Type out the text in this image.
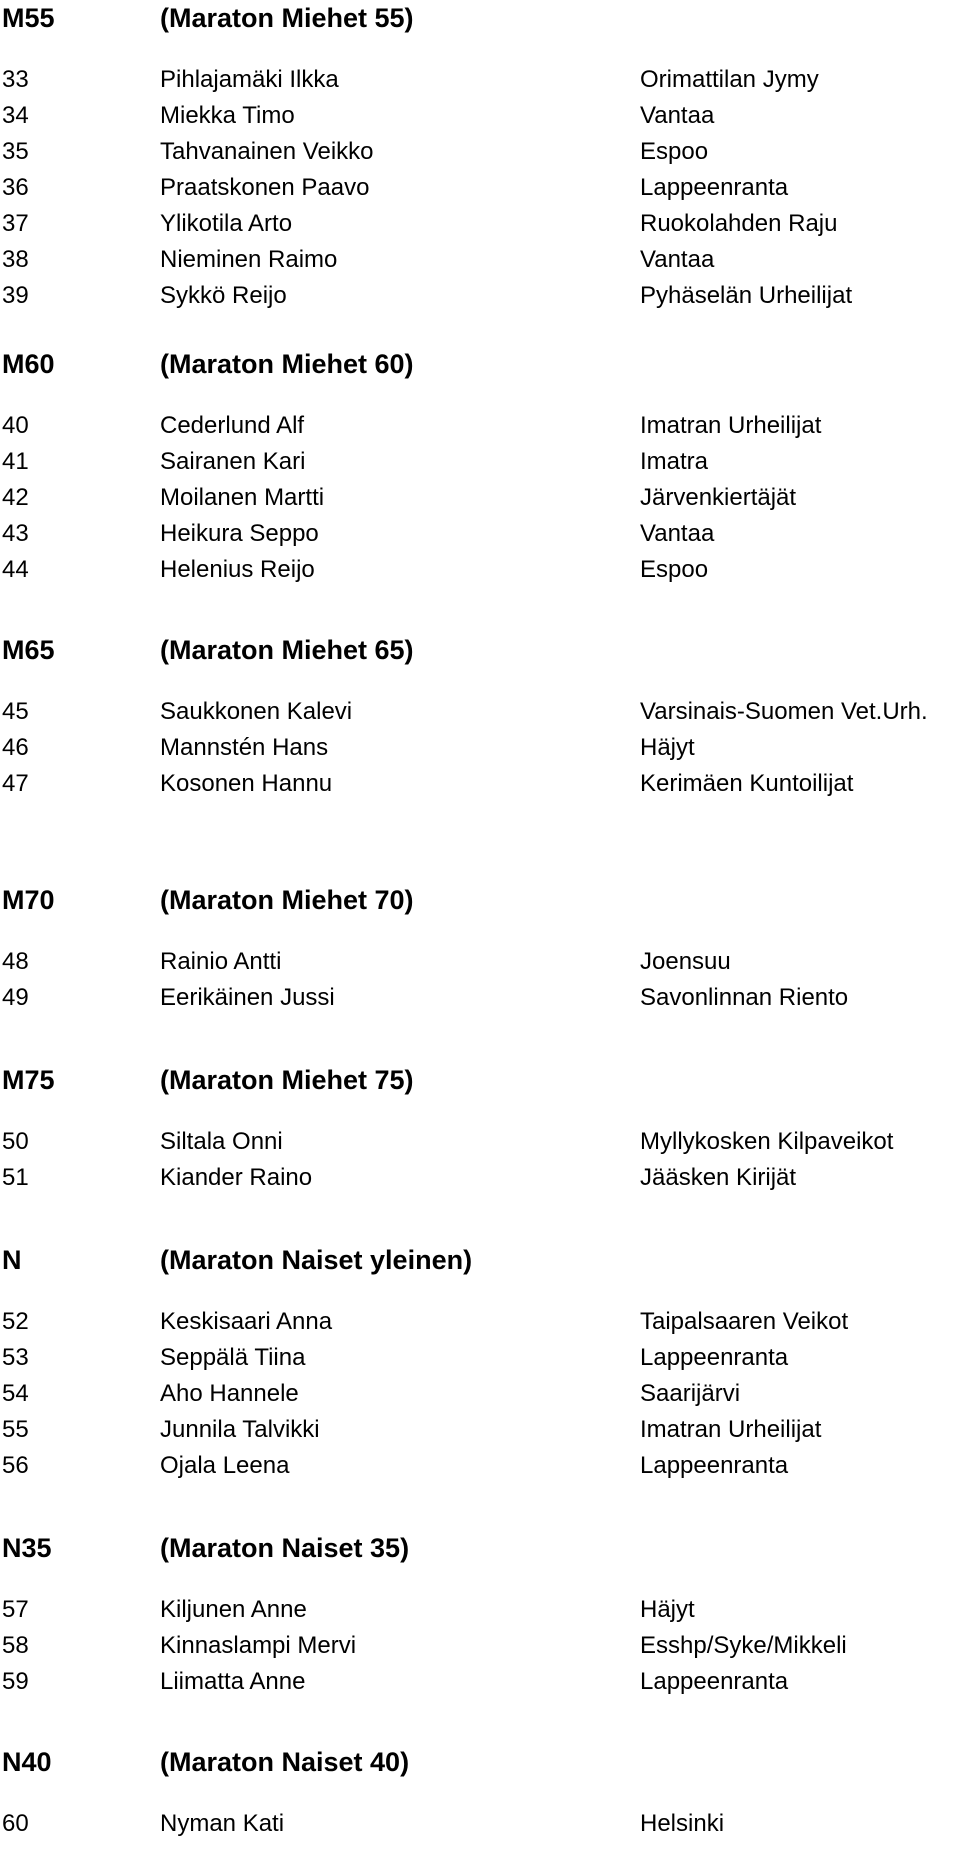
M55	(Maraton Miehet 55)
33	Pihlajamäki Ilkka	Orimattilan Jymy
34	Miekka Timo	Vantaa
35	Tahvanainen Veikko	Espoo
36	Praatskonen Paavo	Lappeenranta
37	Ylikotila Arto	Ruokolahden Raju
38	Nieminen Raimo	Vantaa
39	Sykkö Reijo	Pyhäselän Urheilijat
M60	(Maraton Miehet 60)
40	Cederlund Alf	Imatran Urheilijat
41	Sairanen Kari	Imatra
42	Moilanen Martti	Järvenkiertäjät
43	Heikura Seppo	Vantaa
44	Helenius Reijo	Espoo
M65	(Maraton Miehet 65)
45	Saukkonen Kalevi	Varsinais-Suomen Vet.Urh.
46	Mannstén Hans	Häjyt
47	Kosonen Hannu	Kerimäen Kuntoilijat
M70	(Maraton Miehet 70)
48	Rainio Antti	Joensuu
49	Eerikäinen Jussi	Savonlinnan Riento
M75	(Maraton Miehet 75)
50	Siltala Onni	Myllykosken Kilpaveikot
51	Kiander Raino	Jääsken Kirijät
N	(Maraton Naiset yleinen)
52	Keskisaari Anna	Taipalsaaren Veikot
53	Seppälä Tiina	Lappeenranta
54	Aho Hannele	Saarijärvi
55	Junnila Talvikki	Imatran Urheilijat
56	Ojala Leena	Lappeenranta
N35	(Maraton Naiset 35)
57	Kiljunen Anne	Häjyt
58	Kinnaslampi Mervi	Esshp/Syke/Mikkeli
59	Liimatta Anne	Lappeenranta
N40	(Maraton Naiset 40)
60	Nyman Kati	Helsinki
